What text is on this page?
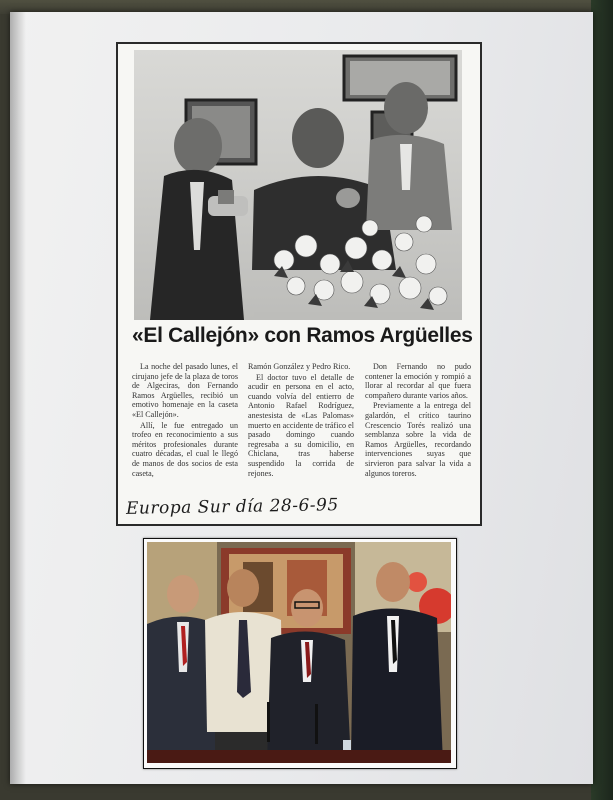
«El Callejón» con Ramos Argüelles

La noche del pasado lunes, el cirujano jefe de la plaza de toros de Algeciras, don Fernando Ramos Argüelles, recibió un emotivo homenaje en la caseta «El Callejón».

Allí, le fue entregado un trofeo en reconocimiento a sus méritos profesionales durante cuatro décadas, el cual le llegó de manos de dos socios de esta caseta,

Ramón González y Pedro Rico.

El doctor tuvo el detalle de acudir en persona en el acto, cuando volvía del entierro de Antonio Rafael Rodríguez, anestesista de «Las Palomas» muerto en accidente de tráfico el pasado domingo cuando regresaba a su domicilio, en Chiclana, tras haberse suspendido la corrida de rejones.

Don Fernando no pudo contener la emoción y rompió a llorar al recordar al que fuera compañero durante varios años.

Previamente a la entrega del galardón, el crítico taurino Crescencio Torés realizó una semblanza sobre la vida de Ramos Argüelles, recordando intervenciones suyas que sirvieron para salvar la vida a algunos toreros.

Europa Sur día 28-6-95
